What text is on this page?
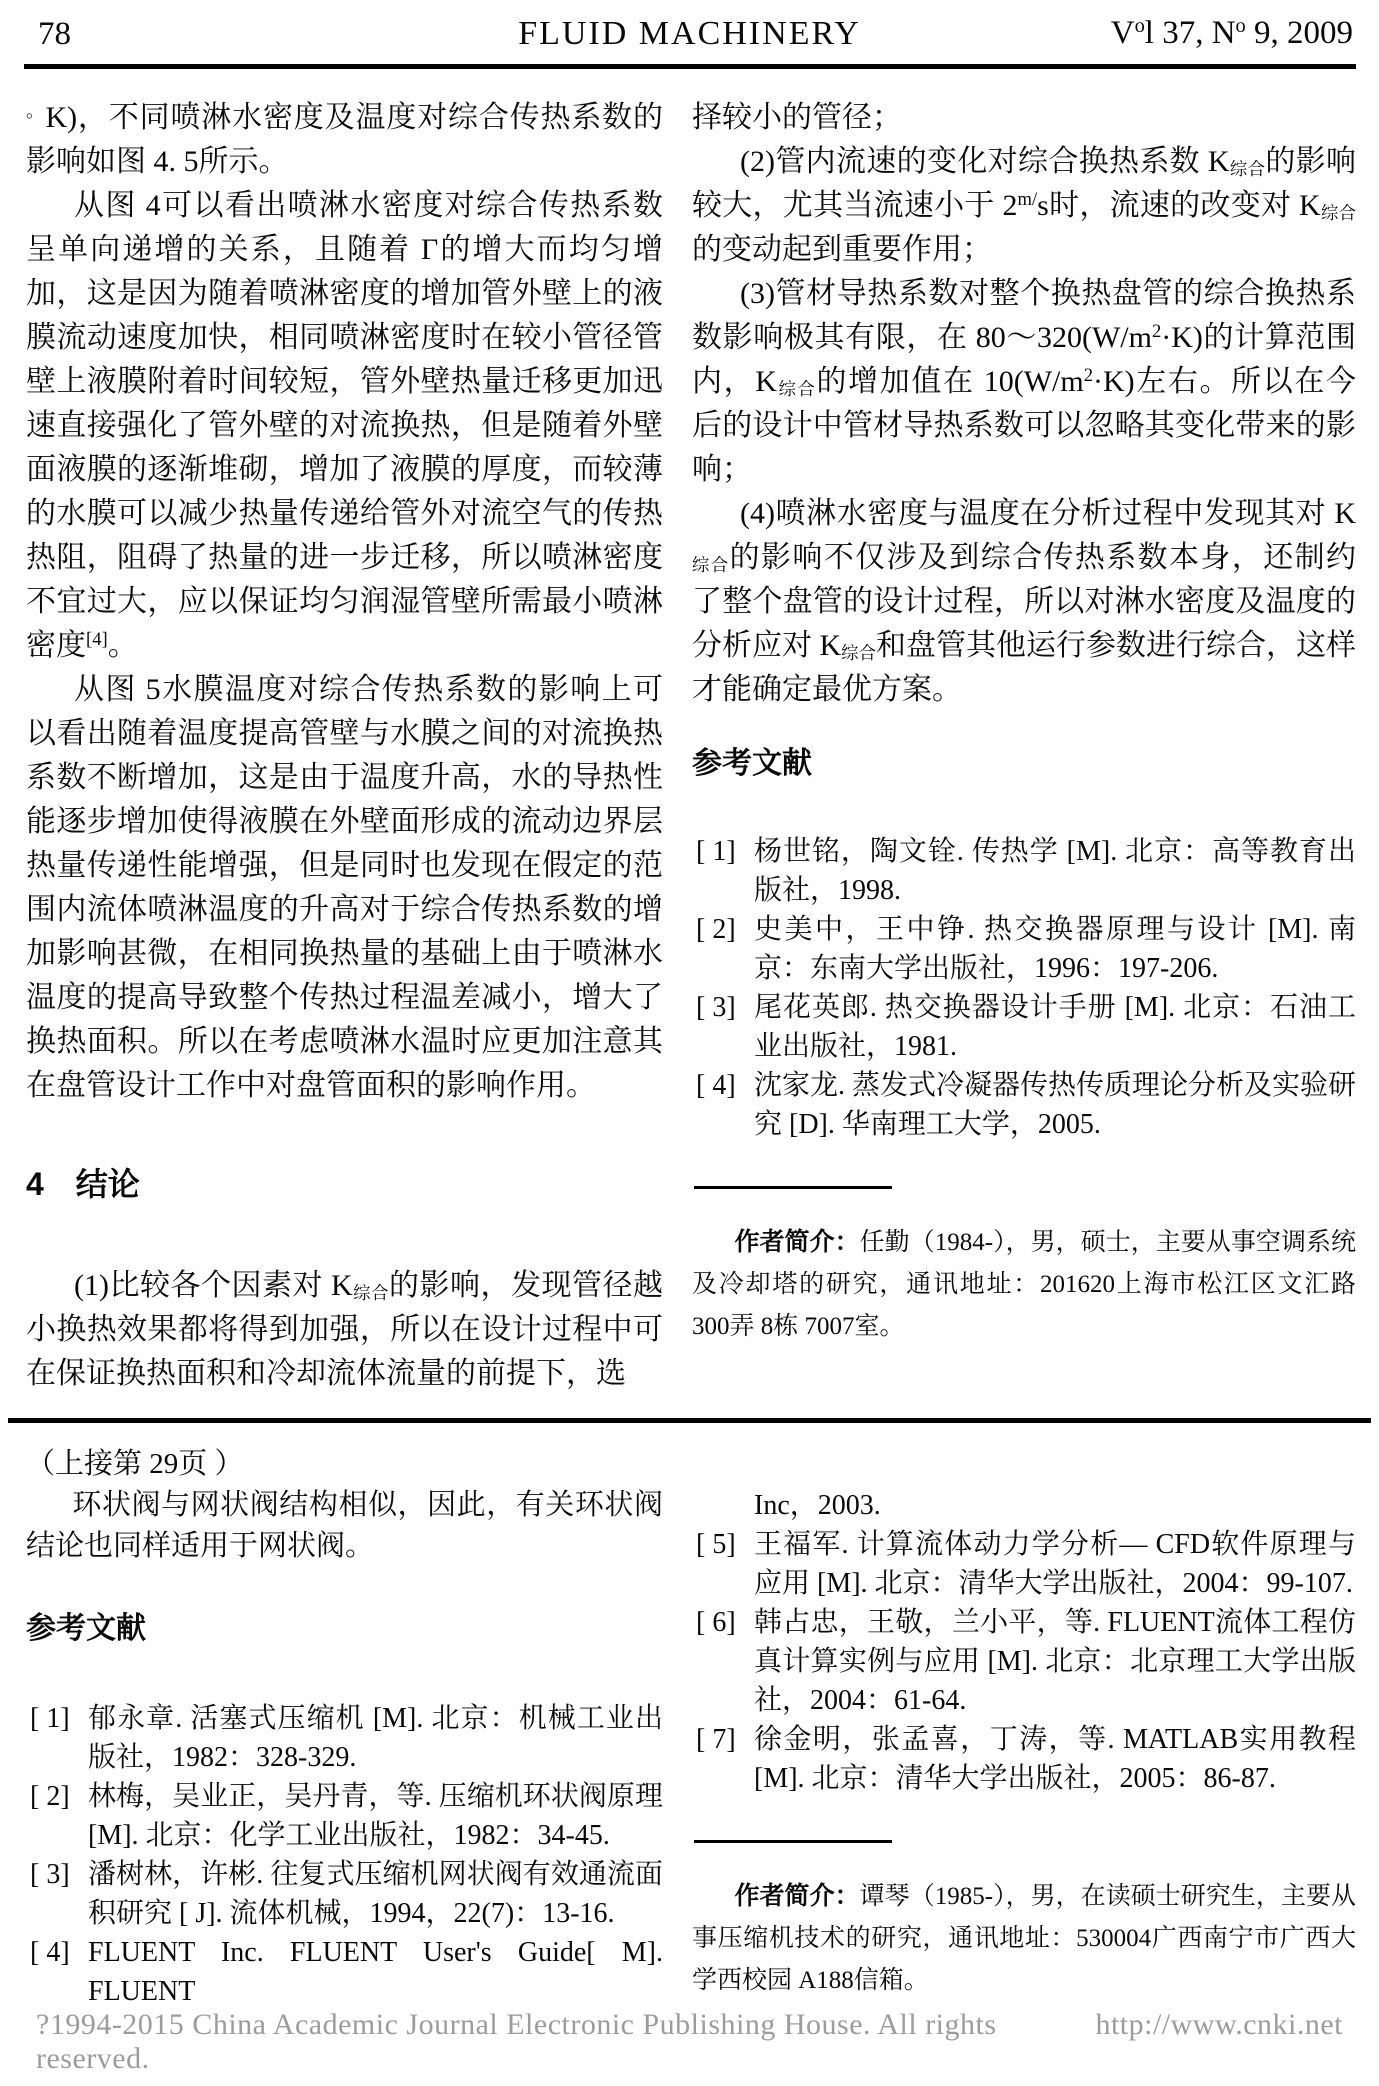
78	FLUID MACHINERY	$V^ol$ 37, $N^o$ 9, 2009

。K)，不同喷淋水密度及温度对综合传热系数的影响如图 4. 5所示。

从图 4可以看出喷淋水密度对综合传热系数呈单向递增的关系，且随着 Γ的增大而均匀增加，这是因为随着喷淋密度的增加管外壁上的液膜流动速度加快，相同喷淋密度时在较小管径管壁上液膜附着时间较短，管外壁热量迁移更加迅速直接强化了管外壁的对流换热，但是随着外壁面液膜的逐渐堆砌，增加了液膜的厚度，而较薄的水膜可以减少热量传递给管外对流空气的传热热阻，阻碍了热量的进一步迁移，所以喷淋密度不宜过大，应以保证均匀润湿管壁所需最小喷淋密度[4]。

从图 5水膜温度对综合传热系数的影响上可以看出随着温度提高管壁与水膜之间的对流换热系数不断增加，这是由于温度升高，水的导热性能逐步增加使得液膜在外壁面形成的流动边界层热量传递性能增强，但是同时也发现在假定的范围内流体喷淋温度的升高对于综合传热系数的增加影响甚微，在相同换热量的基础上由于喷淋水温度的提高导致整个传热过程温差减小，增大了换热面积。所以在考虑喷淋水温时应更加注意其在盘管设计工作中对盘管面积的影响作用。

4　结论

(1)比较各个因素对 $K_{综合}$的影响，发现管径越小换热效果都将得到加强，所以在设计过程中可在保证换热面积和冷却流体流量的前提下，选

择较小的管径；

(2)管内流速的变化对综合换热系数 $K_{综合}$的影响较大，尤其当流速小于 $2^{m/}s$时，流速的改变对 $K_{综合}$的变动起到重要作用；

(3)管材导热系数对整个换热盘管的综合换热系数影响极其有限，在 $80\sim 320(W/m^2\cdot K)$的计算范围内，$K_{综合}$的增加值在 $10(W/m^2\cdot K)$左右。所以在今后的设计中管材导热系数可以忽略其变化带来的影响；

(4)喷淋水密度与温度在分析过程中发现其对 $K_{综合}$的影响不仅涉及到综合传热系数本身，还制约了整个盘管的设计过程，所以对淋水密度及温度的分析应对 $K_{综合}$和盘管其他运行参数进行综合，这样才能确定最优方案。

参考文献
[ 1] 杨世铭，陶文铨. 传热学 [M]. 北京：高等教育出版社，1998.
[ 2] 史美中，王中铮. 热交换器原理与设计 [M]. 南京：东南大学出版社，1996：197-206.
[ 3] 尾花英郎. 热交换器设计手册 [M]. 北京：石油工业出版社，1981.
[ 4] 沈家龙. 蒸发式冷凝器传热传质理论分析及实验研究 [D]. 华南理工大学，2005.

作者简介：任勤（1984-），男，硕士，主要从事空调系统及冷却塔的研究，通讯地址：201620上海市松江区文汇路 300弄 8栋 7007室。

（上接第 29页 ）

环状阀与网状阀结构相似，因此，有关环状阀结论也同样适用于网状阀。

参考文献
[ 1] 郁永章. 活塞式压缩机 [M]. 北京：机械工业出版社，1982：328-329.
[ 2] 林梅，吴业正，吴丹青，等. 压缩机环状阀原理 [M]. 北京：化学工业出版社，1982：34-45.
[ 3] 潘树林，许彬. 往复式压缩机网状阀有效通流面积研究 [ J]. 流体机械，1994，22(7)：13-16.
[ 4] FLUENT Inc. FLUENT User's Guide[ M]. FLUENT

Inc，2003.

[ 5] 王福军. 计算流体动力学分析— CFD软件原理与应用 [M]. 北京：清华大学出版社，2004：99-107.
[ 6] 韩占忠，王敬，兰小平，等. FLUENT流体工程仿真计算实例与应用 [M]. 北京：北京理工大学出版社，2004：61-64.
[ 7] 徐金明，张孟喜，丁涛，等. MATLAB实用教程 [M]. 北京：清华大学出版社，2005：86-87.

作者简介：谭琴（1985-），男，在读硕士研究生，主要从事压缩机技术的研究，通讯地址：530004广西南宁市广西大学西校园 A188信箱。

?1994-2015 China Academic Journal Electronic Publishing House. All rights reserved.
http://www.cnki.net
